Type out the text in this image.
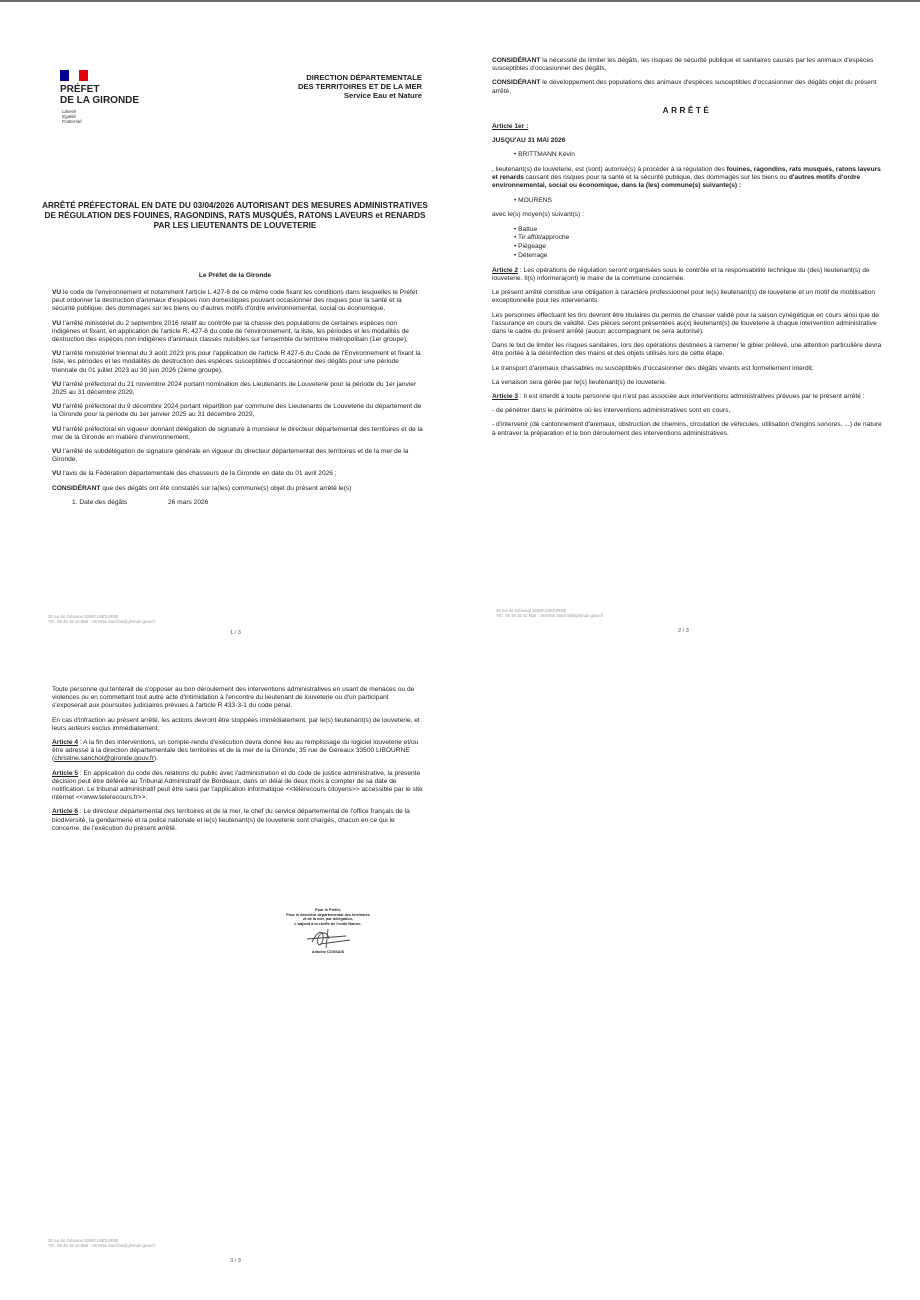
PRÉFET
DE LA GIRONDE
Liberté
Égalité
Fraternité
DIRECTION DÉPARTEMENTALE
DES TERRITOIRES ET DE LA MER
Service Eau et Nature
ARRÊTÉ PRÉFECTORAL EN DATE DU 03/04/2026 AUTORISANT DES MESURES ADMINISTRATIVES DE RÉGULATION DES FOUINES, RAGONDINS, RATS MUSQUÉS, RATONS LAVEURS et RENARDS PAR LES LIEUTENANTS DE LOUVETERIE
Le Préfet de la Gironde

VU le code de l'environnement et notamment l'article L.427-6 de ce même code fixant les conditions dans lesquelles le Préfet peut ordonner la destruction d'animaux d'espèces non domestiques pouvant occasionner des risques pour la santé et la sécurité publique, des dommages sur les biens ou d'autres motifs d'ordre environnemental, social ou économique,

VU l'arrêté ministériel du 2 septembre 2016 relatif au contrôle par la chasse des populations de certaines espèces non indigènes et fixant, en application de l'article R. 427-6 du code de l'environnement, la liste, les périodes et les modalités de destruction des espèces non indigènes d'animaux classés nuisibles sur l'ensemble du territoire métropolitain (1er groupe),

VU l'arrêté ministériel triennal du 3 août 2023 pris pour l'application de l'article R 427-6 du Code de l'Environnement et fixant la liste, les périodes et les modalités de destruction des espèces susceptibles d'occasionner des dégâts pour une période triennale du 01 juillet 2023 au 30 juin 2026 (2ème groupe),

VU l'arrêté préfectoral du 21 novembre 2024 portant nomination des Lieutenants de Louveterie pour la période du 1er janvier 2025 au 31 décembre 2029,

VU l'arrêté préfectoral du 9 décembre 2024 portant répartition par commune des Lieutenants de Louveterie du département de la Gironde pour la période du 1er janvier 2025 au 31 décembre 2029,

VU l'arrêté préfectoral en vigueur donnant délégation de signature à monsieur le directeur départemental des territoires et de la mer de la Gironde en matière d'environnement,

VU l'arrêté de subdélégation de signature générale en vigueur du directeur départemental des territoires et de la mer de la Gironde,

VU l'avis de la Fédération départementale des chasseurs de la Gironde en date du 01 avril 2026 ;

CONSIDÉRANT que des dégâts ont été constatés sur la(les) commune(s) objet du présent arrêté le(s)

1. Date des dégâts	26 mars 2026
35 rue de Géreaux 33500 LIBOURNE
Tél : 05 46 15 42 Mail : christine.sanchot@gironde.gouv.fr
1 / 3

CONSIDÉRANT la nécessité de limiter les dégâts, les risques de sécurité publique et sanitaires causés par les animaux d'espèces susceptibles d'occasionner des dégâts,

CONSIDÉRANT le développement des populations des animaux d'espèces susceptibles d'occasionner des dégâts objet du présent arrêté,

ARRÊTÉ

Article 1er :

JUSQU'AU 31 MAI 2026

• BRITTMANN Kévin

, lieutenant(s) de louveterie, est (sont) autorisé(s) à procéder à la régulation des fouines, ragondins, rats musqués, ratons laveurs et renards causant des risques pour la santé et la sécurité publique, des dommages sur les biens ou d'autres motifs d'ordre environnemental, social ou économique, dans la (les) commune(s) suivante(s) :

• MOURENS

avec le(s) moyen(s) suivant(s) :

• Battue
• Tir affût/approche
• Piégeage
• Déterrage

Article 2 : Les opérations de régulation seront organisées sous le contrôle et la responsabilité technique du (des) lieutenant(s) de louveterie. Il(s) informera(ont) le maire de la commune concernée.

Le présent arrêté constitue une obligation à caractère professionnel pour le(s) lieutenant(s) de louveterie et un motif de mobilisation exceptionnelle pour les intervenants.

Les personnes effectuant les tirs devront être titulaires du permis de chasser validé pour la saison cynégétique en cours ainsi que de l'assurance en cours de validité. Ces pièces seront présentées au(x) lieutenant(s) de louveterie à chaque intervention administrative dans le cadre du présent arrêté (aucun accompagnant ne sera autorisé).

Dans le but de limiter les risques sanitaires, lors des opérations destinées à ramener le gibier prélevé, une attention particulière devra être portée à la désinfection des mains et des objets utilisés lors de cette étape.

Le transport d'animaux chassables ou susceptibles d'occasionner des dégâts vivants est formellement interdit.

La venaison sera gérée par le(s) lieutenant(s) de louveterie.

Article 3 : Il est interdit à toute personne qui n'est pas associée aux interventions administratives prévues par le présent arrêté :

- de pénétrer dans le périmètre où les interventions administratives sont en cours,

- d'intervenir (dé cantonnement d'animaux, obstruction de chemins, circulation de véhicules, utilisation d'engins sonores, ...) de nature à entraver la préparation et le bon déroulement des interventions administratives.

35 rue de Géreaux 33500 LIBOURNE
Tél : 05 46 15 42 Mail : christine.sanchot@gironde.gouv.fr
2 / 3

Toute personne qui tenterait de s'opposer au bon déroulement des interventions administratives en usant de menaces ou de violences ou en commettant tout autre acte d'intimidation à l'encontre du lieutenant de louveterie ou d'un participant s'exposerait aux poursuites judiciaires prévues à l'article R 433-3-1 du code pénal.

En cas d'infraction au présent arrêté, les actions devront être stoppées immédiatement, par le(s) lieutenant(s) de louveterie, et leurs auteurs exclus immédiatement.

Article 4 : A la fin des interventions, un compte-rendu d'exécution devra donné lieu au remplissage du logiciel louveterie et/ou être adressé à la direction départementale des territoires et de la mer de la Gironde, 35 rue de Géreaux 33500 LIBOURNE (christine.sanchot@gironde.gouv.fr).

Article 5 : En application du code des relations du public avec l'administration et du code de justice administrative, la présente décision peut être déférée au Tribunal Administratif de Bordeaux, dans un délai de deux mois à compter de sa date de notification. Le tribunal administratif peut être saisi par l'application informatique <<télérecours citoyens>> accessible par le site internet <<www.telerecours.fr>>.

Article 6 : Le directeur départemental des territoires et de la mer, le chef du service départemental de l'office français de la biodiversité, la gendarmerie et la police nationale et le(s) lieutenant(s) de louveterie sont chargés, chacun en ce qui le concerne, de l'exécution du présent arrêté.

Pour le Préfet,
Pour le directeur départemental des territoires
et de la mer, par délégation,
L'adjoint à la cheffe de l'unité Nature,
Antoine COSSAIS
35 rue de Géreaux 33500 LIBOURNE
Tél : 05 46 15 42 Mail : christine.sanchot@gironde.gouv.fr
3 / 3
